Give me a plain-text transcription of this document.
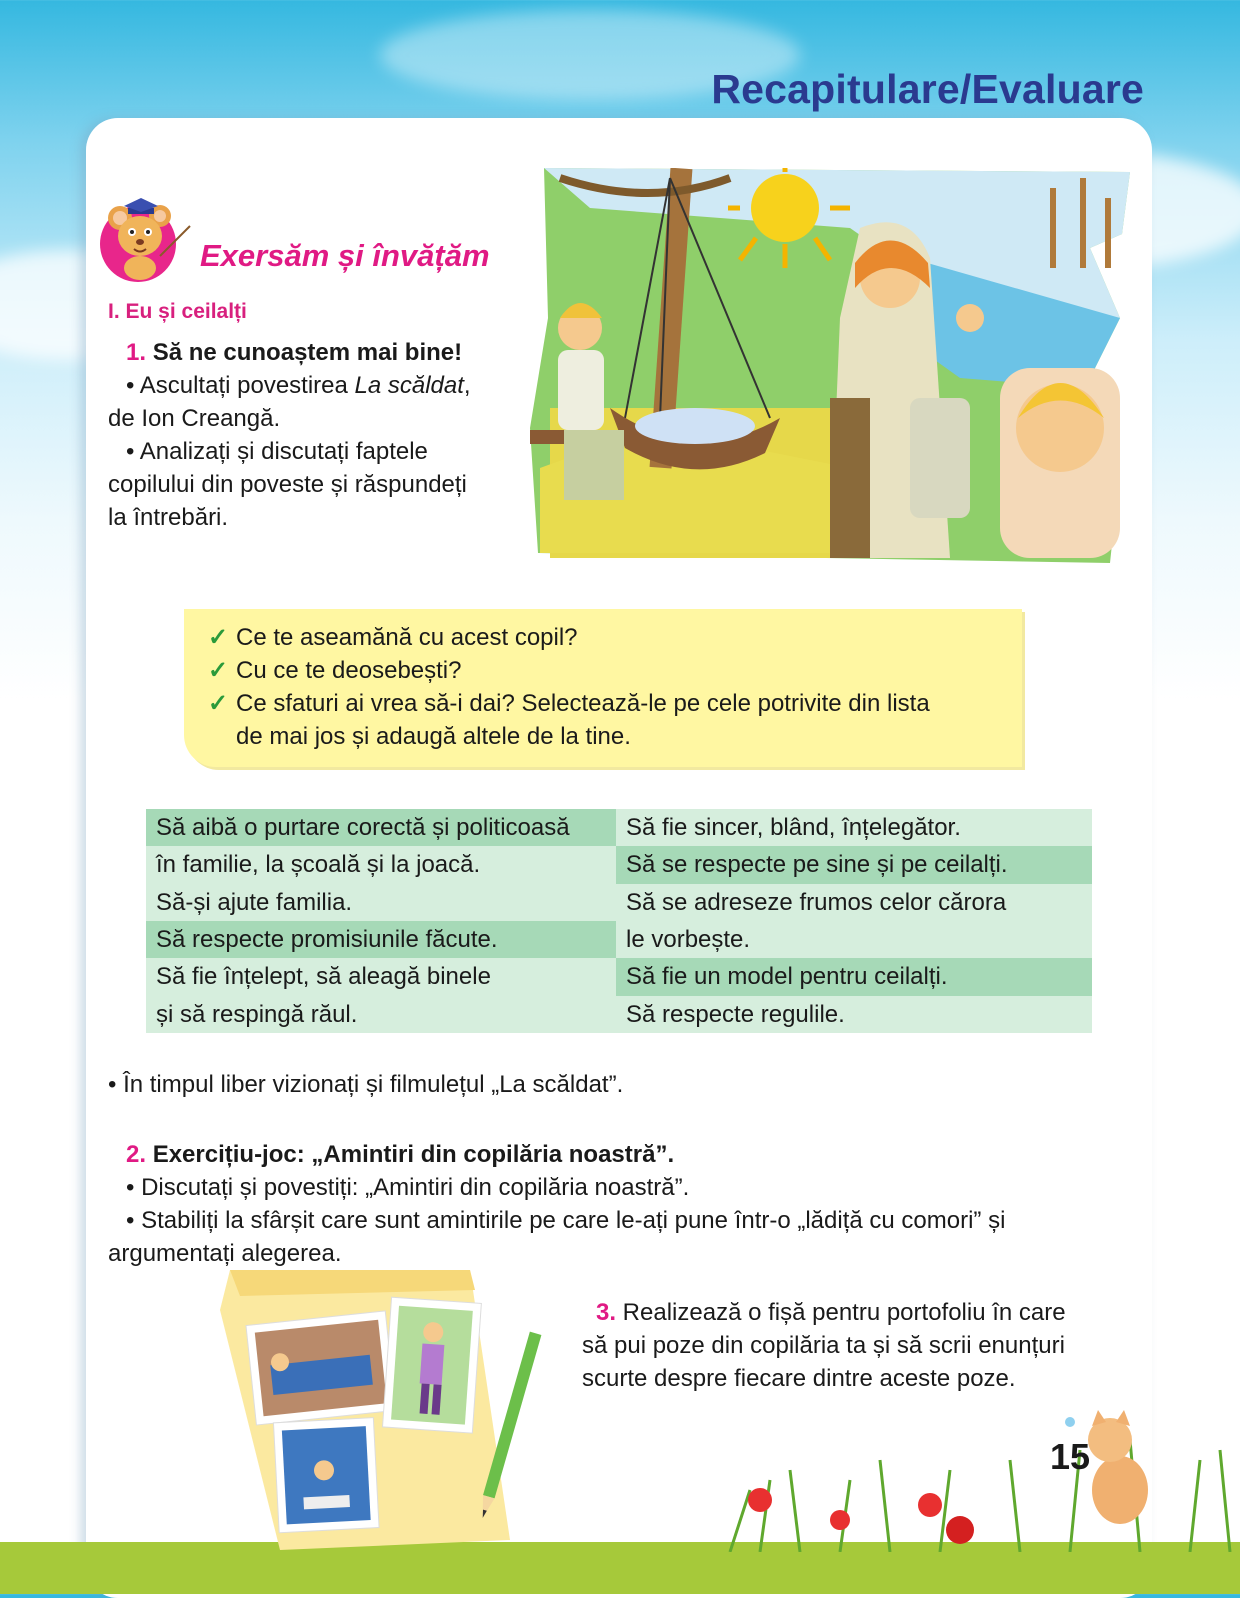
Recapitulare/Evaluare
Exersăm și învățăm
I. Eu și ceilalți

1. Să ne cunoaștem mai bine!

• Ascultați povestirea La scăldat,

de Ion Creangă.

• Analizați și discutați faptele

copilului din poveste și răspundeți

la întrebări.

✓ Ce te aseamănă cu acest copil?
✓ Cu ce te deosebești?
✓ Ce sfaturi ai vrea să-i dai? Selectează-le pe cele potrivite din lista
de mai jos și adaugă altele de la tine.
Să aibă o purtare corectă și politicoasă	Să fie sincer, blând, înțelegător.
în familie, la școală și la joacă.	Să se respecte pe sine și pe ceilalți.
Să-și ajute familia.	Să se adreseze frumos celor cărora
Să respecte promisiunile făcute.	le vorbește.
Să fie înțelept, să aleagă binele	Să fie un model pentru ceilalți.
și să respingă răul.	Să respecte regulile.

• În timpul liber vizionați și filmulețul „La scăldat”.

2. Exercițiu-joc: „Amintiri din copilăria noastră”.

• Discutați și povestiți: „Amintiri din copilăria noastră”.

• Stabiliți la sfârșit care sunt amintirile pe care le-ați pune într-o „lădiță cu comori” și

argumentați alegerea.

3. Realizează o fișă pentru portofoliu în care
să pui poze din copilăria ta și să scrii enunțuri
scurte despre fiecare dintre aceste poze.

15
